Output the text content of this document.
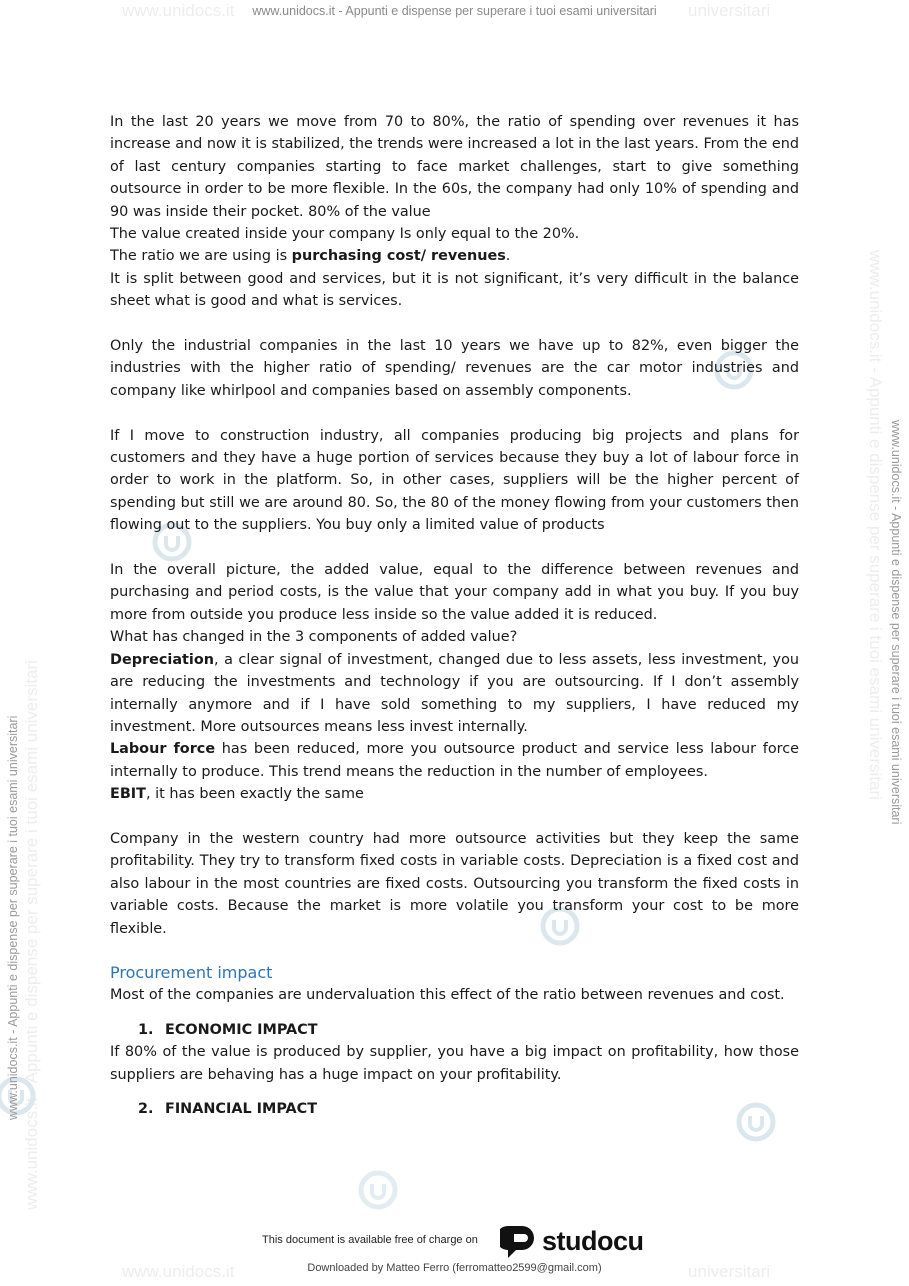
www.unidocs.it	universitari
www.unidocs.it	universitari
www.unidocs.it - Appunti e dispense per superare i tuoi esami universitari
www.unidocs.it - Appunti e dispense per superare i tuoi esami universitari
www.unidocs.it - Appunti e dispense per superare i tuoi esami universitari
www.unidocs.it - Appunti e dispense per superare i tuoi esami universitari
www.unidocs.it - Appunti e dispense per superare i tuoi esami universitari

In the last 20 years we move from 70 to 80%, the ratio of spending over revenues it has increase and now it is stabilized, the trends were increased a lot in the last years. From the end of last century companies starting to face market challenges, start to give something outsource in order to be more flexible. In the 60s, the company had only 10% of spending and 90 was inside their pocket. 80% of the value

The value created inside your company Is only equal to the 20%.

The ratio we are using is purchasing cost/ revenues.

It is split between good and services, but it is not significant, it’s very difficult in the balance sheet what is good and what is services.

Only the industrial companies in the last 10 years we have up to 82%, even bigger the industries with the higher ratio of spending/ revenues are the car motor industries and company like whirlpool and companies based on assembly components.

If I move to construction industry, all companies producing big projects and plans for customers and they have a huge portion of services because they buy a lot of labour force in order to work in the platform. So, in other cases, suppliers will be the higher percent of spending but still we are around 80. So, the 80 of the money flowing from your customers then flowing out to the suppliers. You buy only a limited value of products

In the overall picture, the added value, equal to the difference between revenues and purchasing and period costs, is the value that your company add in what you buy. If you buy more from outside you produce less inside so the value added it is reduced.

What has changed in the 3 components of added value?

Depreciation, a clear signal of investment, changed due to less assets, less investment, you are reducing the investments and technology if you are outsourcing. If I don’t assembly internally anymore and if I have sold something to my suppliers, I have reduced my investment. More outsources means less invest internally.

Labour force has been reduced, more you outsource product and service less labour force internally to produce. This trend means the reduction in the number of employees.

EBIT, it has been exactly the same

Company in the western country had more outsource activities but they keep the same profitability. They try to transform fixed costs in variable costs. Depreciation is a fixed cost and also labour in the most countries are fixed costs. Outsourcing you transform the fixed costs in variable costs. Because the market is more volatile you transform your cost to be more flexible.

Procurement impact

Most of the companies are undervaluation this effect of the ratio between revenues and cost.

1. ECONOMIC IMPACT

If 80% of the value is produced by supplier, you have a big impact on profitability, how those suppliers are behaving has a huge impact on your profitability.

2. FINANCIAL IMPACT

This document is available free of charge on studocu
Downloaded by Matteo Ferro (ferromatteo2599@gmail.com)
